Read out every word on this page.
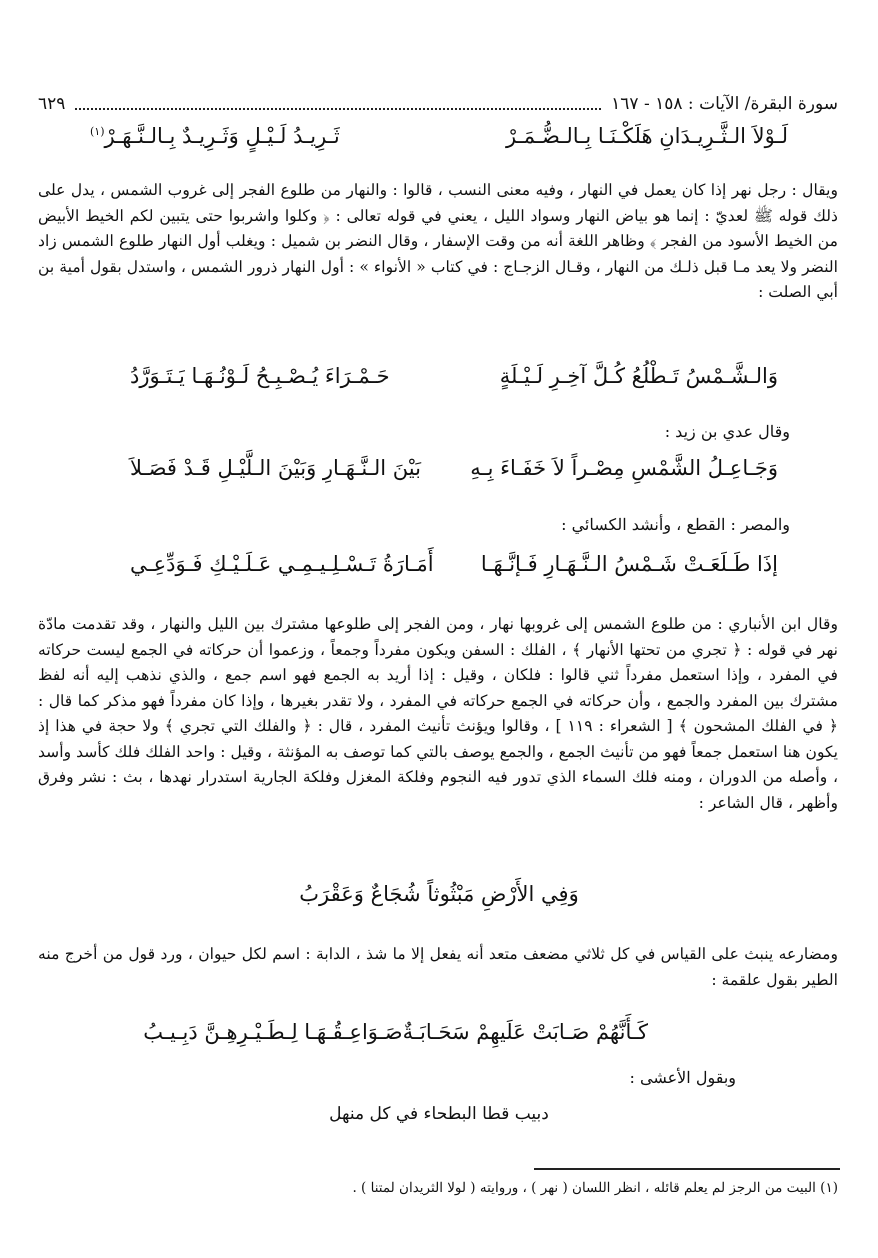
سورة البقرة/ الآيات : ١٥٨ - ١٦٧
٦٢٩
لَـوْلاَ الـثَّـرِيـدَانِ هَلَكْـنَـا بِـالـضُّـمَـرْ
ثَـرِيـدُ لَـيْـلٍ وَثَـرِيـدٌ بِـالـنَّـهَـرْ$^{(١)}$
ويقال : رجل نهر إذا كان يعمل في النهار ، وفيه معنى النسب ، قالوا : والنهار من طلوع الفجر إلى غروب الشمس ، يدل على ذلك قوله ﷺ لعديّ : إنما هو بياض النهار وسواد الليل ، يعني في قوله تعالى : ﴿ وكلوا واشربوا حتى يتبين لكم الخيط الأبيض من الخيط الأسود من الفجر ﴾ وظاهر اللغة أنه من وقت الإسفار ، وقال النضر بن شميل : ويغلب أول النهار طلوع الشمس زاد النضر ولا يعد مـا قبل ذلـك من النهار ، وقـال الزجـاج : في كتاب « الأنواء » : أول النهار ذرور الشمس ، واستدل بقول أمية بن أبي الصلت :
وَالـشَّـمْسُ تَـطْلُعُ كُـلَّ آخِـرِ لَـيْـلَةٍ
حَـمْـرَاءَ يُـصْـبِـحُ لَـوْنُـهَـا يَـتَـوَرَّدُ
وقال عدي بن زيد :
وَجَـاعِـلُ الشَّمْسِ مِصْـراً لاَ خَفَـاءَ بِـهِ
بَيْنَ الـنَّـهَـارِ وَبَيْنَ الـلَّيْـلِ قَـدْ فَصَـلاَ
والمصر : القطع ، وأنشد الكسائي :
إذَا طَـلَعَـتْ شَـمْسُ الـنَّـهَـارِ فَـإنَّـهَـا
أَمَـارَةُ تَـسْـلِـيـمِـي عَـلَـيْـكِ فَـوَدِّعِـي
وقال ابن الأنباري : من طلوع الشمس إلى غروبها نهار ، ومن الفجر إلى طلوعها مشترك بين الليل والنهار ، وقد تقدمت مادّة نهر في قوله : ﴿ تجري من تحتها الأنهار ﴾ ، الفلك : السفن ويكون مفرداً وجمعاً ، وزعموا أن حركاته في الجمع ليست حركاته في المفرد ، وإذا استعمل مفرداً ثني قالوا : فلكان ، وقيل : إذا أريد به الجمع فهو اسم جمع ، والذي نذهب إليه أنه لفظ مشترك بين المفرد والجمع ، وأن حركاته في الجمع حركاته في المفرد ، ولا تقدر بغيرها ، وإذا كان مفرداً فهو مذكر كما قال : ﴿ في الفلك المشحون ﴾ [ الشعراء : ١١٩ ] ، وقالوا ويؤنث تأنيث المفرد ، قال : ﴿ والفلك التي تجري ﴾ ولا حجة في هذا إذ يكون هنا استعمل جمعاً فهو من تأنيث الجمع ، والجمع يوصف بالتي كما توصف به المؤنثة ، وقيل : واحد الفلك فلك كأسد وأسد ، وأصله من الدوران ، ومنه فلك السماء الذي تدور فيه النجوم وفلكة المغزل وفلكة الجارية استدرار نهدها ، بث : نشر وفرق وأظهر ، قال الشاعر :
وَفِي الأَرْضِ مَبْثُوثاً شُجَاعٌ وَعَقْرَبُ
ومضارعه ينبث على القياس في كل ثلاثي مضعف متعد أنه يفعل إلا ما شذ ، الدابة : اسم لكل حيوان ، ورد قول من أخرج منه الطير بقول علقمة :
كَـأَنَّهُمْ صَـابَتْ عَلَيهِمْ سَحَـابَـةٌ
صَـوَاعِـقُـهَـا لِـطَـيْـرِهِـنَّ دَبِـيـبُ
وبقول الأعشى :
دبيب قطا البطحاء في كل منهل
(١) البيت من الرجز لم يعلم قائله ، انظر اللسان ( نهر ) ، وروايته ( لولا الثريدان لمتنا ) .
